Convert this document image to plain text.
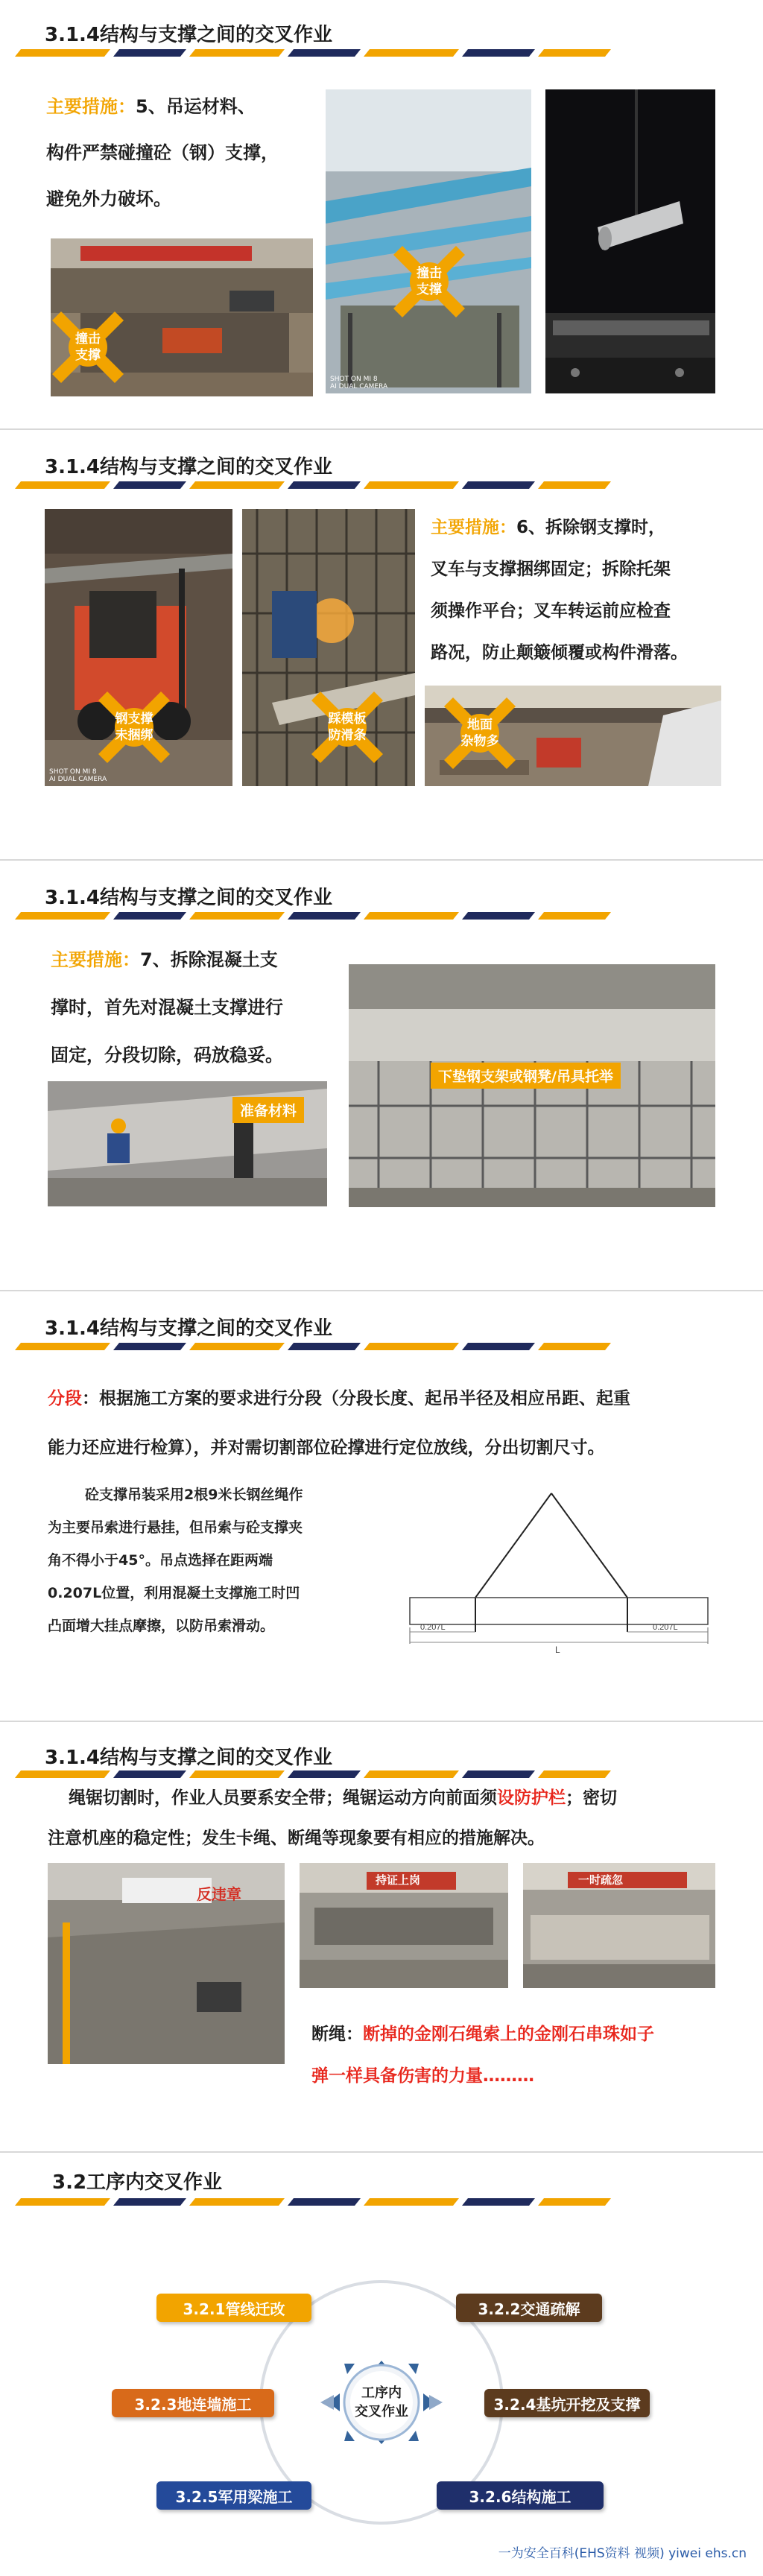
3.1.4结构与支撑之间的交叉作业
主要措施：5、吊运材料、
构件严禁碰撞砼（钢）支撑，
避免外力破坏。
撞击
支撑
SHOT ON MI 8
AI DUAL CAMERA
撞击
支撑
3.1.4结构与支撑之间的交叉作业
SHOT ON MI 8
AI DUAL CAMERA
钢支撑
未捆绑
踩模板
防滑条
主要措施：6、拆除钢支撑时，
叉车与支撑捆绑固定；拆除托架
须操作平台；叉车转运前应检查
路况，防止颠簸倾覆或构件滑落。
地面
杂物多
3.1.4结构与支撑之间的交叉作业
主要措施：7、拆除混凝土支
撑时，首先对混凝土支撑进行
固定，分段切除，码放稳妥。
准备材料
下垫钢支架或钢凳/吊具托举
3.1.4结构与支撑之间的交叉作业
分段：根据施工方案的要求进行分段（分段长度、起吊半径及相应吊距、起重
能力还应进行检算），并对需切割部位砼撑进行定位放线，分出切割尺寸。
砼支撑吊装采用2根9米长钢丝绳作
为主要吊索进行悬挂，但吊索与砼支撑夹
角不得小于45°。吊点选择在距两端
0.207L位置，利用混凝土支撑施工时凹
凸面增大挂点摩擦，以防吊索滑动。	0.207L	0.207L
L
3.1.4结构与支撑之间的交叉作业
绳锯切割时，作业人员要系安全带；绳锯运动方向前面须设防护栏；密切
注意机座的稳定性；发生卡绳、断绳等现象要有相应的措施解决。
反违章
持证上岗	一时疏忽
断绳：断掉的金刚石绳索上的金刚石串珠如子
弹一样具备伤害的力量………
3.2工序内交叉作业
工序内
交叉作业
3.2.1管线迁改	3.2.2交通疏解
3.2.3地连墙施工	3.2.4基坑开挖及支撑
3.2.5军用梁施工	3.2.6结构施工
一为安全百科(EHS资料 视频) yiwei ehs.cn
